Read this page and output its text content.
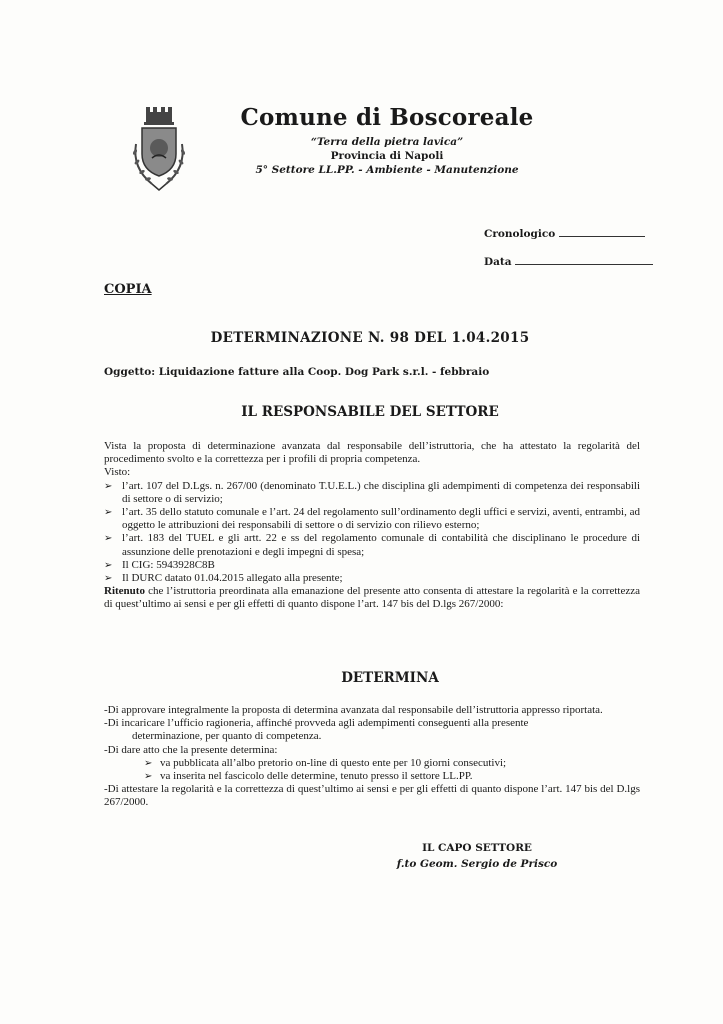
Comune di Boscoreale
“Terra della pietra lavica”
Provincia di Napoli
5° Settore LL.PP. - Ambiente - Manutenzione
Cronologico
Data
COPIA
DETERMINAZIONE N. 98 DEL 1.04.2015
Oggetto: Liquidazione fatture alla Coop. Dog Park s.r.l. - febbraio
IL RESPONSABILE DEL SETTORE

Vista la proposta di determinazione avanzata dal responsabile dell’istruttoria, che ha attestato la regolarità del procedimento svolto e la correttezza per i profili di propria competenza.

Visto:

➢ l’art. 107 del D.Lgs. n. 267/00 (denominato T.U.E.L.) che disciplina gli adempimenti di competenza dei responsabili di settore o di servizio;
➢ l’art. 35 dello statuto comunale e l’art. 24 del regolamento sull’ordinamento degli uffici e servizi, aventi, entrambi, ad oggetto le attribuzioni dei responsabili di settore o di servizio con rilievo esterno;
➢ l’art. 183 del TUEL e gli artt. 22 e ss del regolamento comunale di contabilità che disciplinano le procedure di assunzione delle prenotazioni e degli impegni di spesa;
➢ Il CIG: 5943928C8B
➢ Il DURC datato 01.04.2015 allegato alla presente;

Ritenuto che l’istruttoria preordinata alla emanazione del presente atto consenta di attestare la regolarità e la correttezza di quest’ultimo ai sensi e per gli effetti di quanto dispone l’art. 147 bis del D.lgs 267/2000:

DETERMINA

-Di approvare integralmente la proposta di determina avanzata dal responsabile dell’istruttoria appresso riportata.

-Di incaricare l’ufficio ragioneria, affinché provveda agli adempimenti conseguenti alla presente

determinazione, per quanto di competenza.

-Di dare atto che la presente determina:

➢ va pubblicata all’albo pretorio on-line di questo ente per 10 giorni consecutivi;
➢ va inserita nel fascicolo delle determine, tenuto presso il settore LL.PP.

-Di attestare la regolarità e la correttezza di quest’ultimo ai sensi e per gli effetti di quanto dispone l’art. 147 bis del D.lgs 267/2000.

IL CAPO SETTORE
f.to Geom. Sergio de Prisco
